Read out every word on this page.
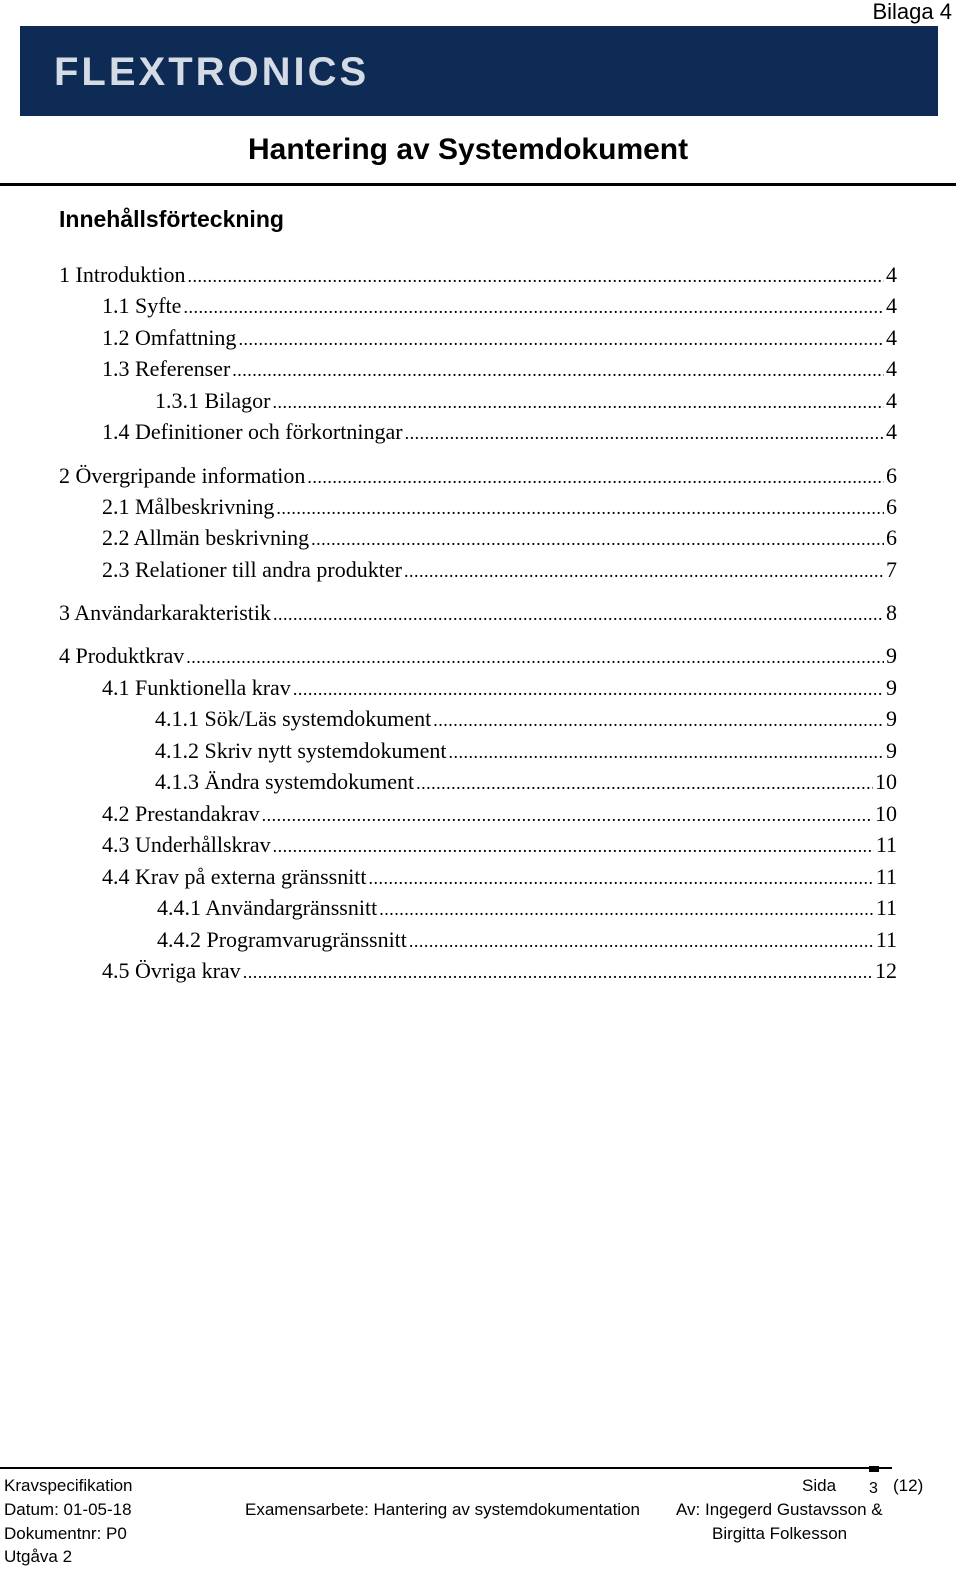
Bilaga 4
FLEXTRONICS
Hantering av Systemdokument
Innehållsförteckning
1 Introduktion .....	4
1.1 Syfte .....	4
1.2 Omfattning .....	4
1.3 Referenser .....	4
1.3.1 Bilagor .....	4
1.4 Definitioner och förkortningar .....	4
2 Övergripande information .....	6
2.1 Målbeskrivning .....	6
2.2 Allmän beskrivning .....	6
2.3 Relationer till andra produkter .....	7
3 Användarkarakteristik .....	8
4 Produktkrav .....	9
4.1 Funktionella krav .....	9
4.1.1 Sök/Läs systemdokument .....	9
4.1.2 Skriv nytt systemdokument .....	9
4.1.3 Ändra systemdokument .....	10
4.2 Prestandakrav .....	10
4.3 Underhållskrav .....	11
4.4 Krav på externa gränssnitt .....	11
4.4.1 Användargränssnitt .....	11
4.4.2 Programvarugränssnitt .....	11
4.5 Övriga krav .....	12
Kravspecifikation
Datum: 01-05-18
Dokumentnr: P0
Utgåva 2
Examensarbete: Hantering av systemdokumentation
Sida 3 (12)
Av: Ingegerd Gustavsson &
Birgitta Folkesson
